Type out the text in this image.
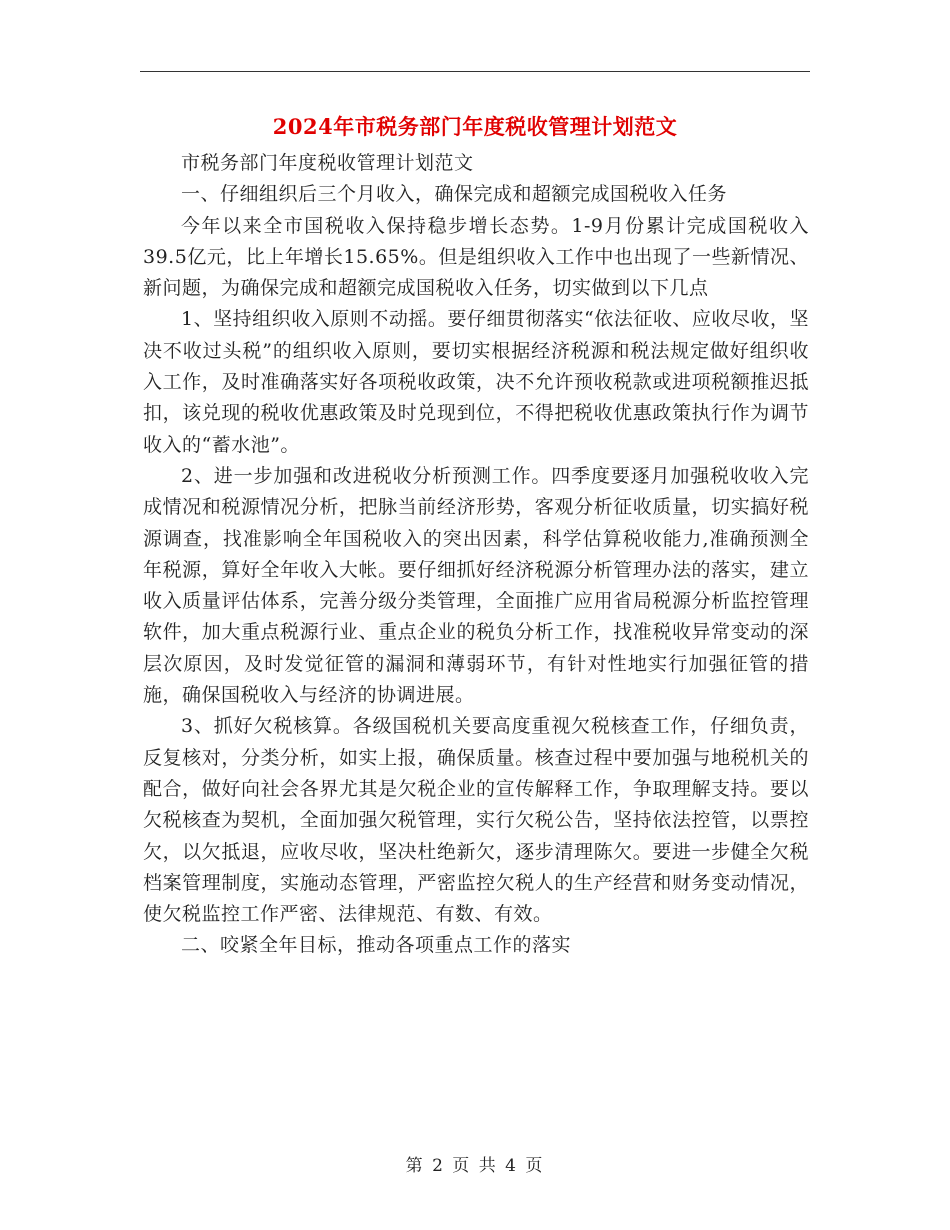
2024年市税务部门年度税收管理计划范文

市税务部门年度税收管理计划范文

一、仔细组织后三个月收入，确保完成和超额完成国税收入任务

今年以来全市国税收入保持稳步增长态势。1-9月份累计完成国税收入39.5亿元，比上年增长15.65%。但是组织收入工作中也出现了一些新情况、新问题，为确保完成和超额完成国税收入任务，切实做到以下几点

1、坚持组织收入原则不动摇。要仔细贯彻落实“依法征收、应收尽收，坚决不收过头税”的组织收入原则，要切实根据经济税源和税法规定做好组织收入工作，及时准确落实好各项税收政策，决不允许预收税款或进项税额推迟抵扣，该兑现的税收优惠政策及时兑现到位，不得把税收优惠政策执行作为调节收入的“蓄水池”。

2、进一步加强和改进税收分析预测工作。四季度要逐月加强税收收入完成情况和税源情况分析，把脉当前经济形势，客观分析征收质量，切实搞好税源调查，找准影响全年国税收入的突出因素，科学估算税收能力,准确预测全年税源，算好全年收入大帐。要仔细抓好经济税源分析管理办法的落实，建立收入质量评估体系，完善分级分类管理，全面推广应用省局税源分析监控管理软件，加大重点税源行业、重点企业的税负分析工作，找准税收异常变动的深层次原因，及时发觉征管的漏洞和薄弱环节，有针对性地实行加强征管的措施，确保国税收入与经济的协调进展。

3、抓好欠税核算。各级国税机关要高度重视欠税核查工作，仔细负责，反复核对，分类分析，如实上报，确保质量。核查过程中要加强与地税机关的配合，做好向社会各界尤其是欠税企业的宣传解释工作，争取理解支持。要以欠税核查为契机，全面加强欠税管理，实行欠税公告，坚持依法控管，以票控欠，以欠抵退，应收尽收，坚决杜绝新欠，逐步清理陈欠。要进一步健全欠税档案管理制度，实施动态管理，严密监控欠税人的生产经营和财务变动情况，使欠税监控工作严密、法律规范、有数、有效。

二、咬紧全年目标，推动各项重点工作的落实

第 2 页 共 4 页
